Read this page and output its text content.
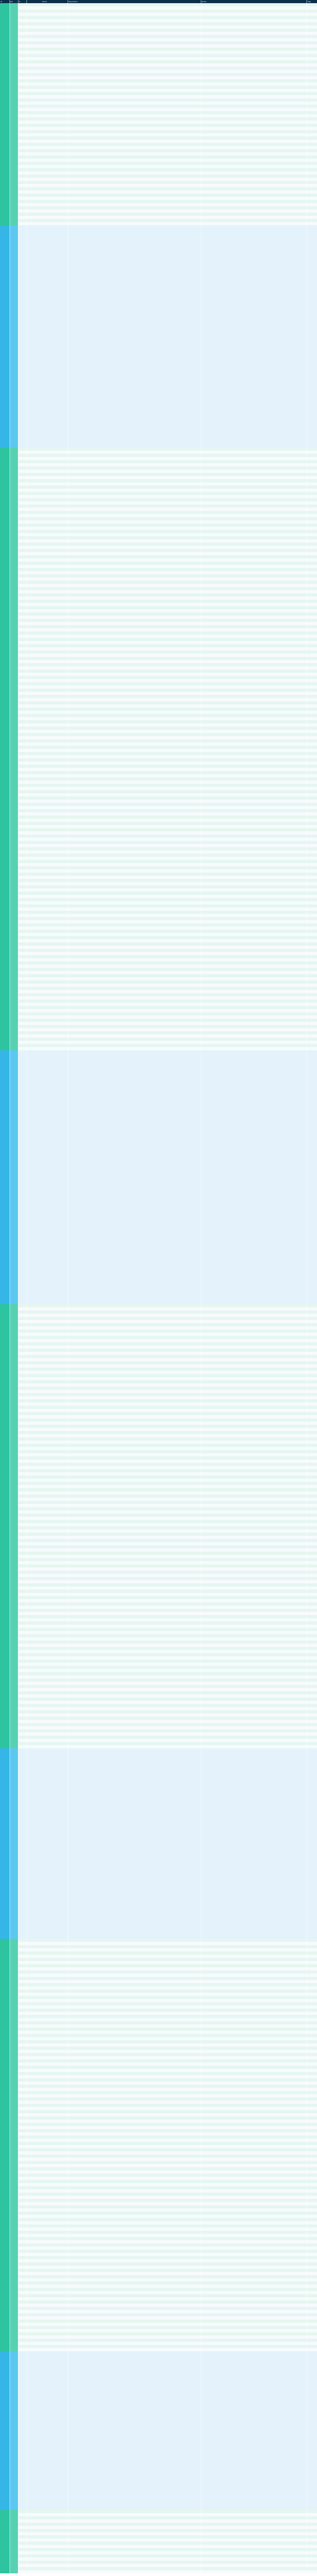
ID	Cat	N	Name	Description	Notes	Flag
